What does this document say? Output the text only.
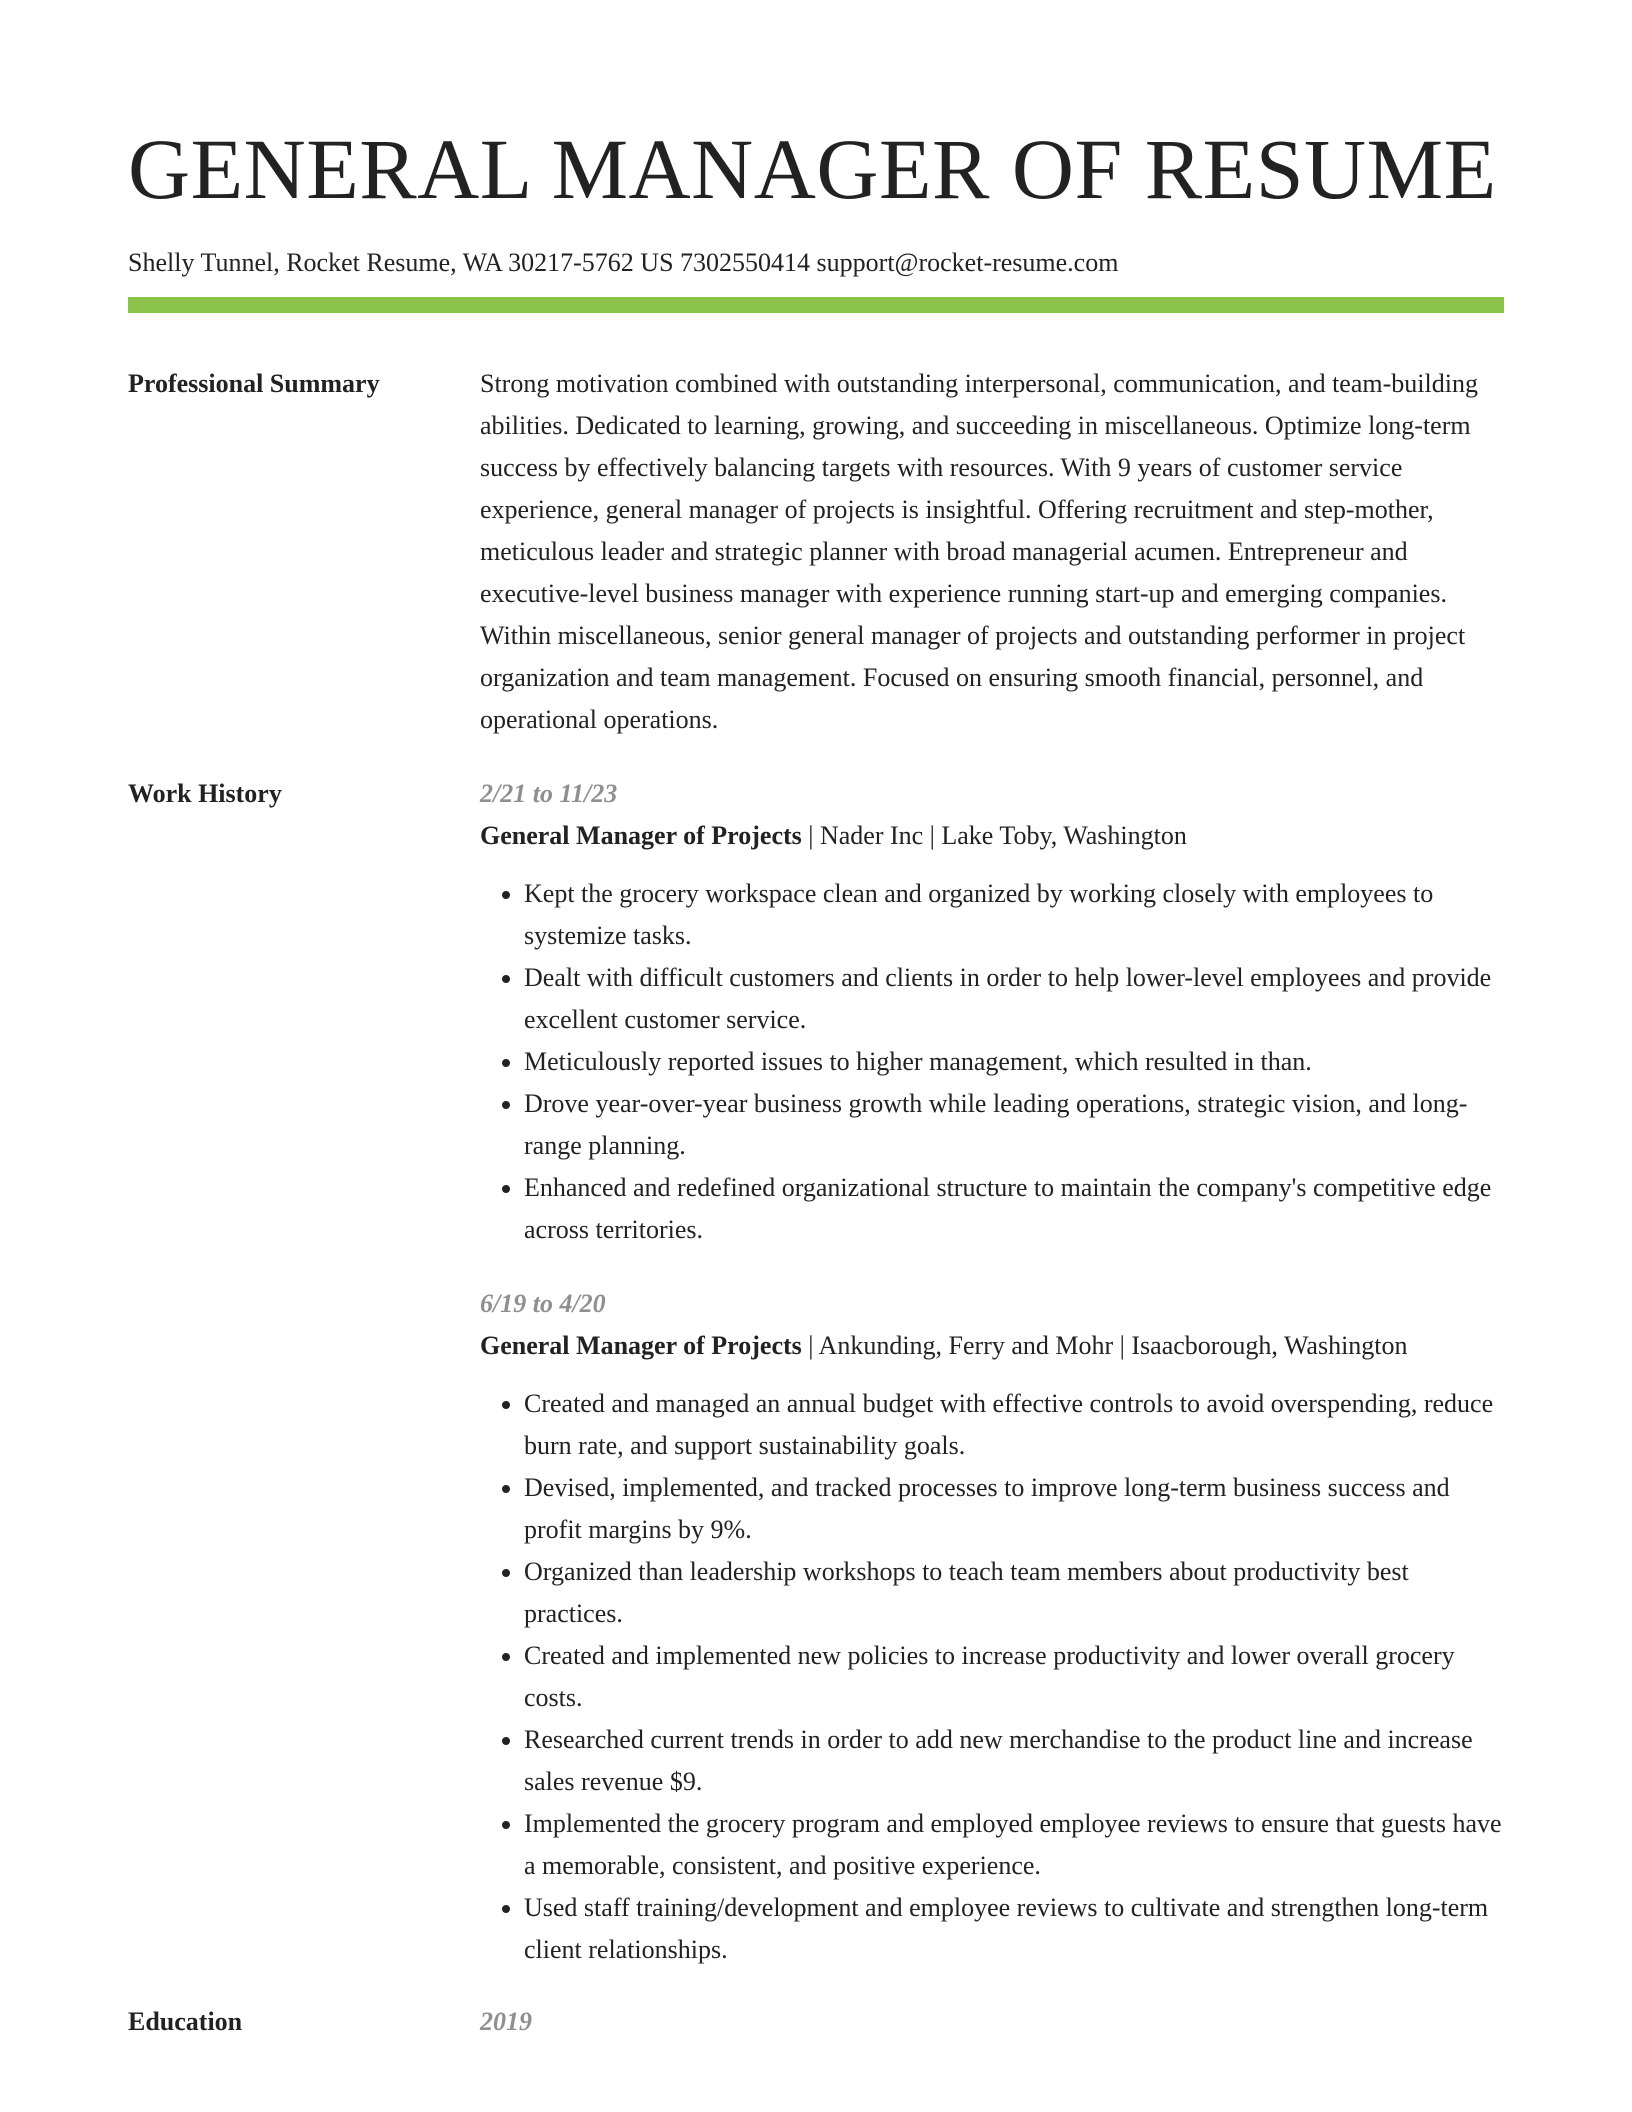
GENERAL MANAGER OF RESUME
Shelly Tunnel, Rocket Resume, WA 30217-5762 US 7302550414 support@rocket-resume.com
Professional Summary	Strong motivation combined with outstanding interpersonal, communication, and team-building abilities. Dedicated to learning, growing, and succeeding in miscellaneous. Optimize long-term success by effectively balancing targets with resources. With 9 years of customer service experience, general manager of projects is insightful. Offering recruitment and step-mother, meticulous leader and strategic planner with broad managerial acumen. Entrepreneur and executive-level business manager with experience running start-up and emerging companies. Within miscellaneous, senior general manager of projects and outstanding performer in project organization and team management. Focused on ensuring smooth financial, personnel, and operational operations.

Work History	2/21 to 11/23
General Manager of Projects | Nader Inc | Lake Toby, Washington
• Kept the grocery workspace clean and organized by working closely with employees to systemize tasks.
• Dealt with difficult customers and clients in order to help lower-level employees and provide excellent customer service.
• Meticulously reported issues to higher management, which resulted in than.
• Drove year-over-year business growth while leading operations, strategic vision, and long-range planning.
• Enhanced and redefined organizational structure to maintain the company's competitive edge across territories.
6/19 to 4/20
General Manager of Projects | Ankunding, Ferry and Mohr | Isaacborough, Washington
• Created and managed an annual budget with effective controls to avoid overspending, reduce burn rate, and support sustainability goals.
• Devised, implemented, and tracked processes to improve long-term business success and profit margins by 9%.
• Organized than leadership workshops to teach team members about productivity best practices.
• Created and implemented new policies to increase productivity and lower overall grocery costs.
• Researched current trends in order to add new merchandise to the product line and increase sales revenue $9.
• Implemented the grocery program and employed employee reviews to ensure that guests have a memorable, consistent, and positive experience.
• Used staff training/development and employee reviews to cultivate and strengthen long-term client relationships.
Education	2019
